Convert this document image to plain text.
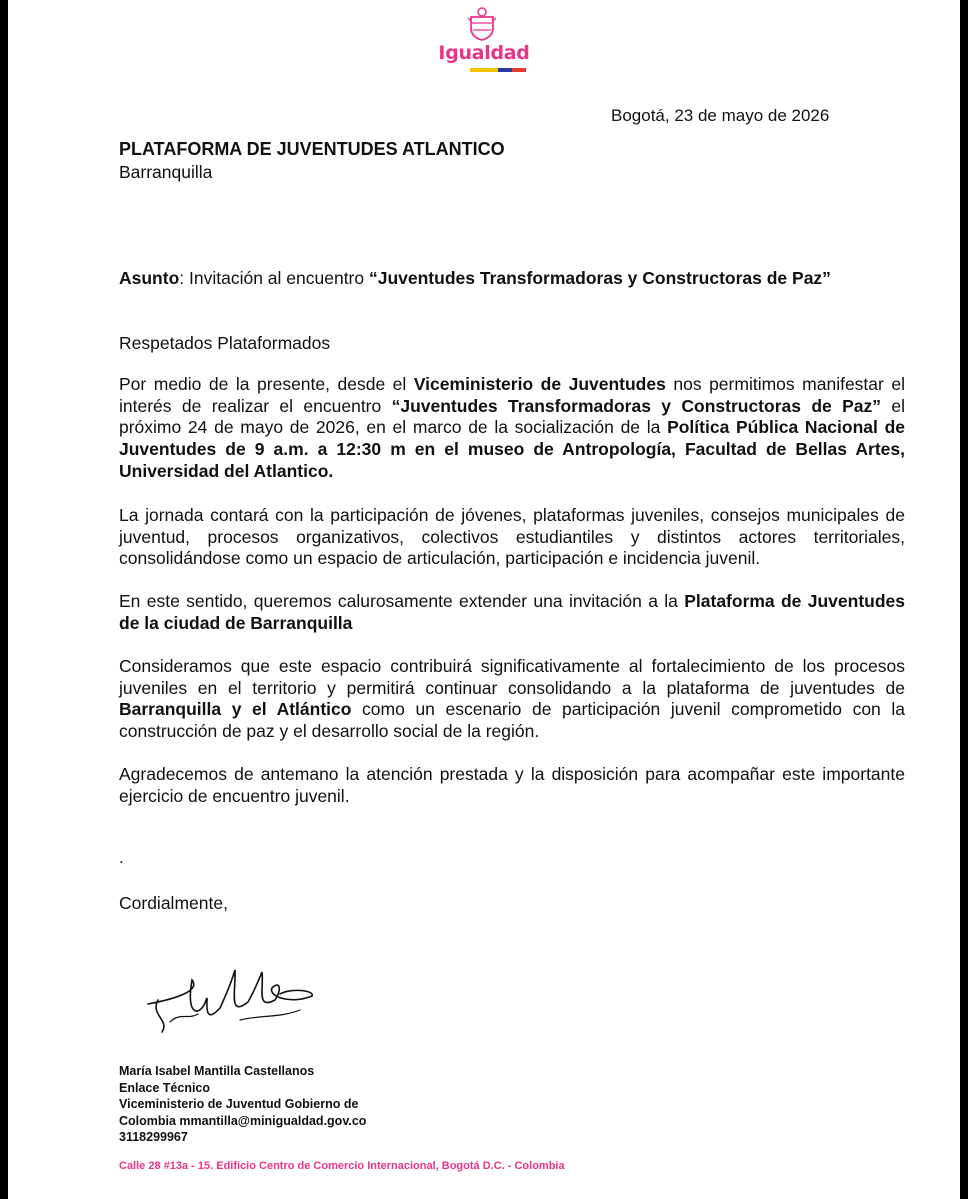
Igualdad
Bogotá, 23 de mayo de 2026
PLATAFORMA DE JUVENTUDES ATLANTICO
Barranquilla
Asunto: Invitación al encuentro “Juventudes Transformadoras y Constructoras de Paz”
Respetados Plataformados
Por medio de la presente, desde el Viceministerio de Juventudes nos permitimos manifestar el interés de realizar el encuentro “Juventudes Transformadoras y Constructoras de Paz” el próximo 24 de mayo de 2026, en el marco de la socialización de la Política Pública Nacional de Juventudes de 9 a.m. a 12:30 m en el museo de Antropología, Facultad de Bellas Artes, Universidad del Atlantico.
La jornada contará con la participación de jóvenes, plataformas juveniles, consejos municipales de juventud, procesos organizativos, colectivos estudiantiles y distintos actores territoriales, consolidándose como un espacio de articulación, participación e incidencia juvenil.
En este sentido, queremos calurosamente extender una invitación a la Plataforma de Juventudes de la ciudad de Barranquilla
Consideramos que este espacio contribuirá significativamente al fortalecimiento de los procesos juveniles en el territorio y permitirá continuar consolidando a la plataforma de juventudes de Barranquilla y el Atlántico como un escenario de participación juvenil comprometido con la construcción de paz y el desarrollo social de la región.
Agradecemos de antemano la atención prestada y la disposición para acompañar este importante ejercicio de encuentro juvenil.
.
Cordialmente,
María Isabel Mantilla Castellanos
Enlace Técnico
Viceministerio de Juventud Gobierno de
Colombia mmantilla@minigualdad.gov.co
3118299967
Calle 28 #13a - 15. Edificio Centro de Comercio Internacional, Bogotá D.C. - Colombia
